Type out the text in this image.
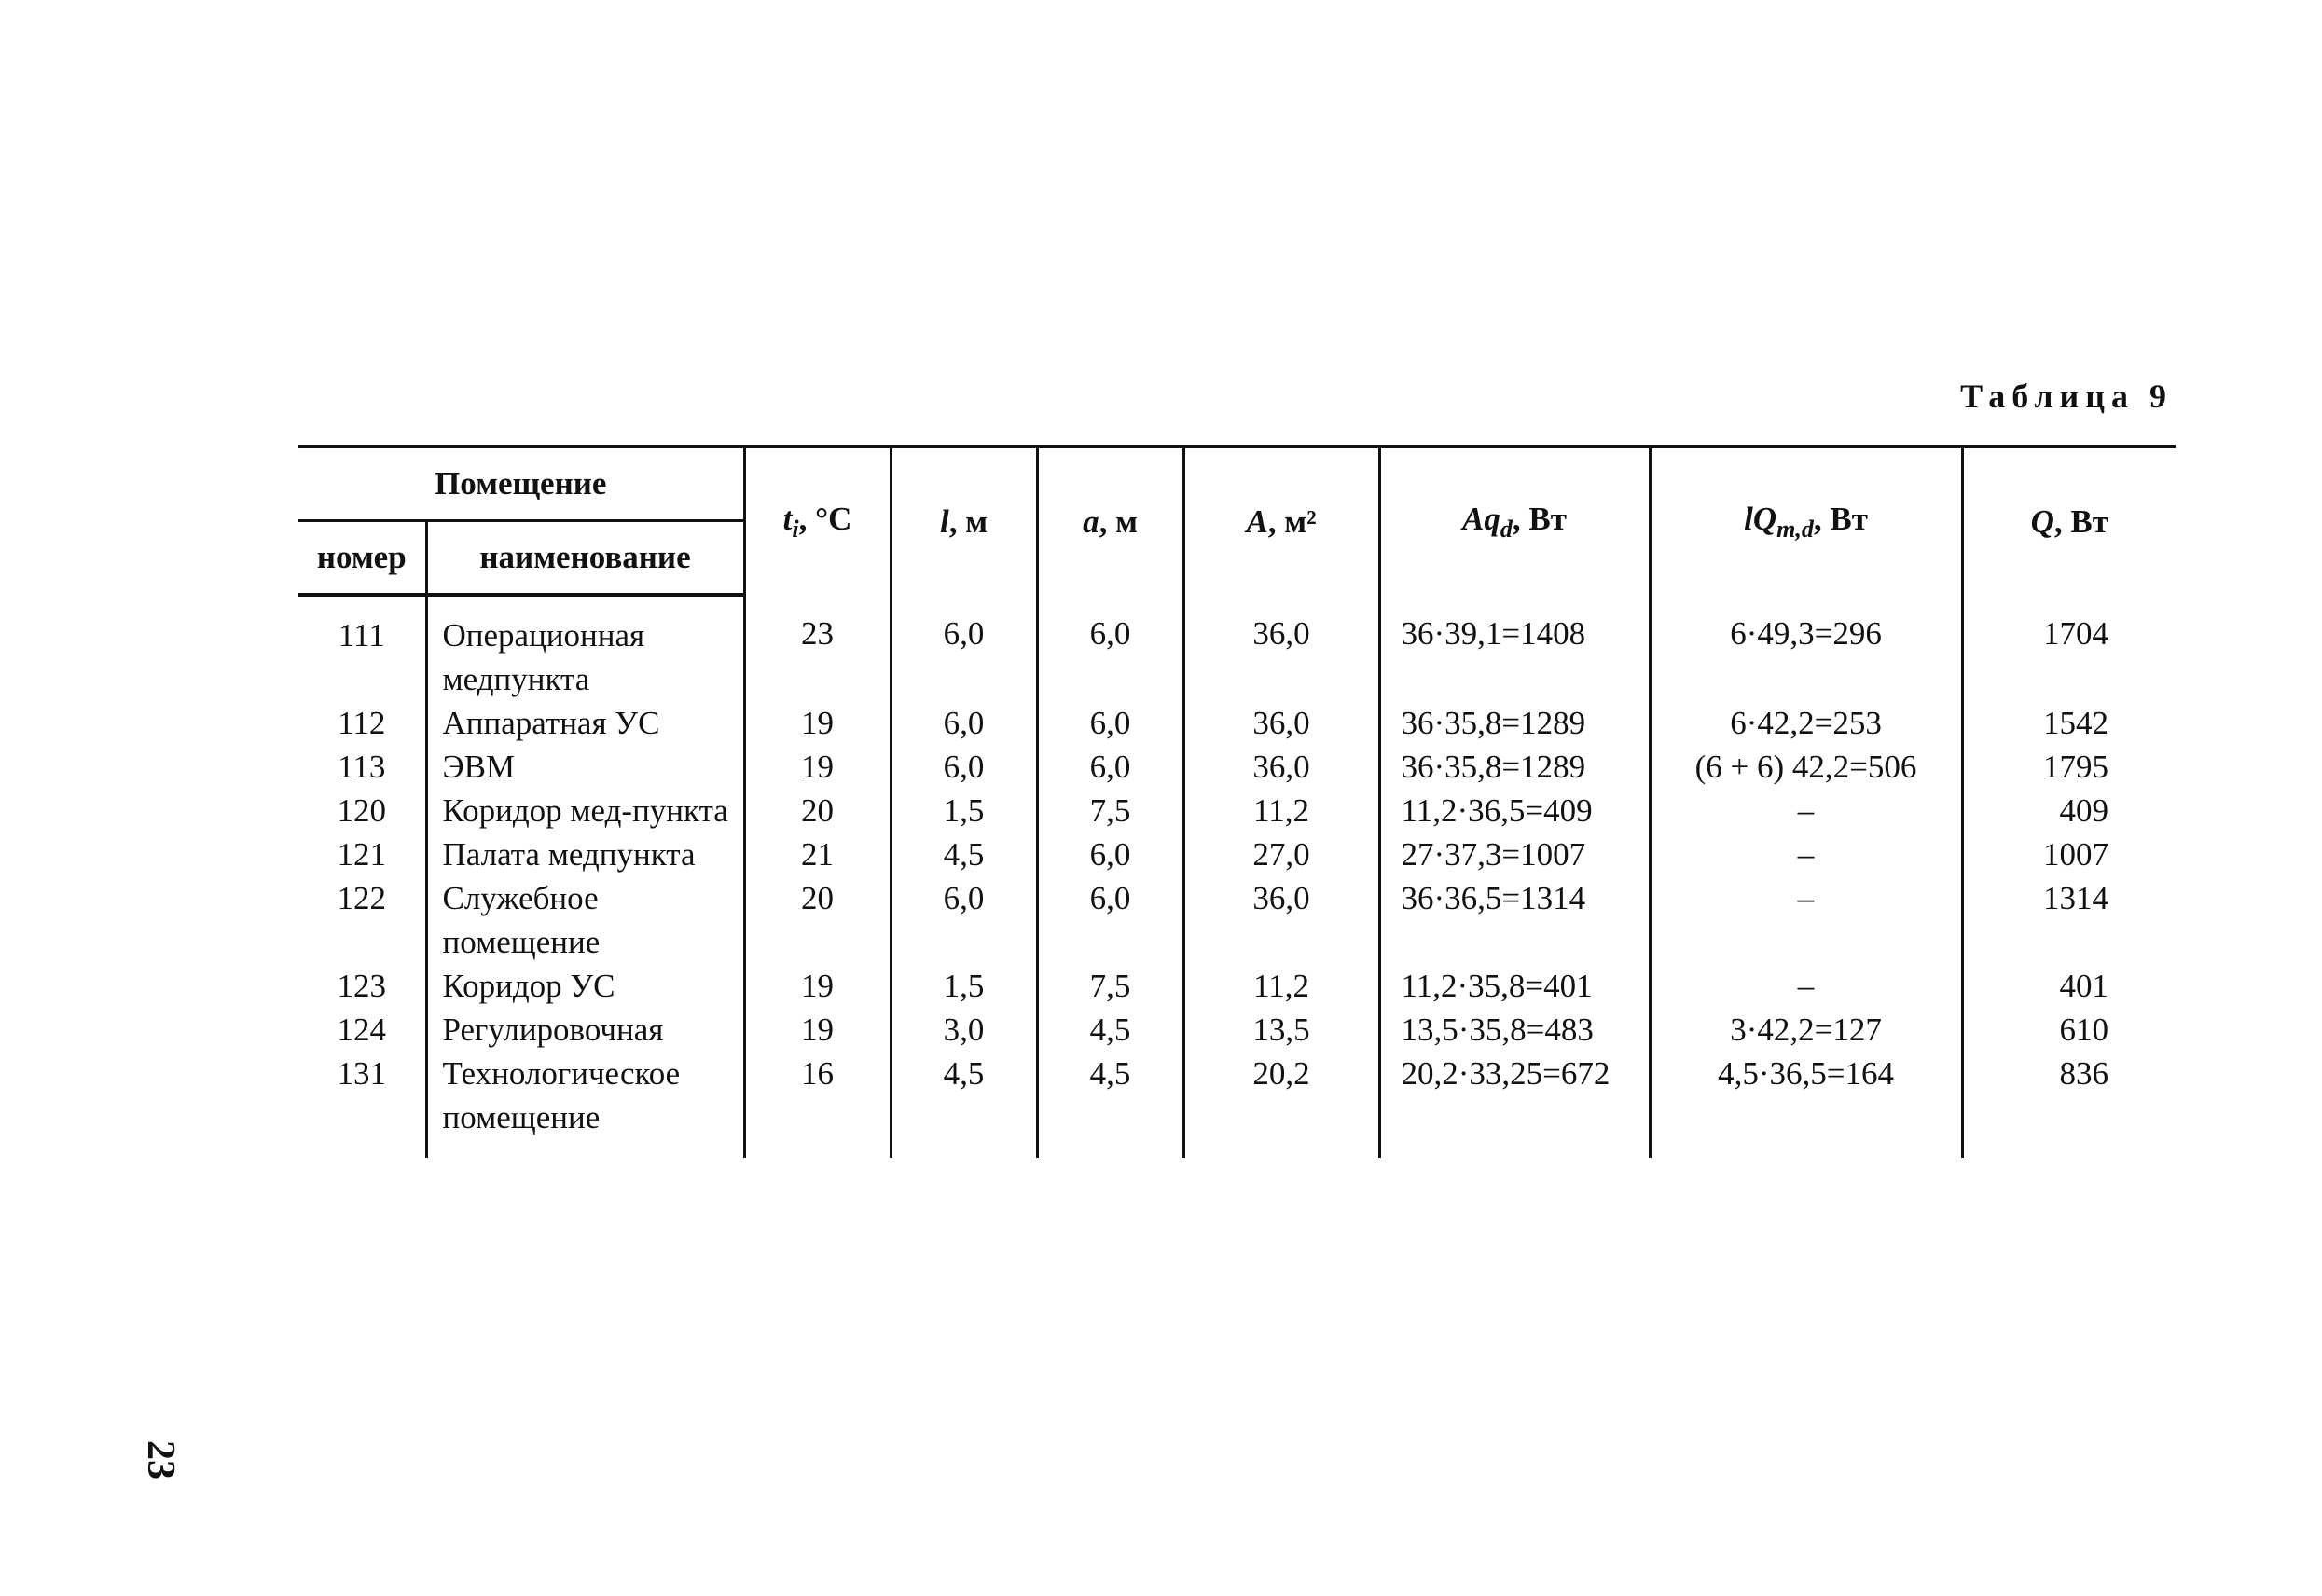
Таблица 9
Помещение		$t_i$, °С	l, м	a, м	A, м²	$Aq_d$, Вт	$lQ_{m,d}$, Вт	Q, Вт
номер	наименование							
111	Операционная медпункта	23	6,0	6,0	36,0	36·39,1=1408	6·49,3=296	1704
112	Аппаратная УС	19	6,0	6,0	36,0	36·35,8=1289	6·42,2=253	1542
113	ЭВМ	19	6,0	6,0	36,0	36·35,8=1289	(6 + 6) 42,2=506	1795
120	Коридор мед-пункта	20	1,5	7,5	11,2	11,2·36,5=409	–	409
121	Палата медпункта	21	4,5	6,0	27,0	27·37,3=1007	–	1007
122	Служебное помещение	20	6,0	6,0	36,0	36·36,5=1314	–	1314
123	Коридор УС	19	1,5	7,5	11,2	11,2·35,8=401	–	401
124	Регулировочная	19	3,0	4,5	13,5	13,5·35,8=483	3·42,2=127	610
131	Технологическое помещение	16	4,5	4,5	20,2	20,2·33,25=672	4,5·36,5=164	836
23
